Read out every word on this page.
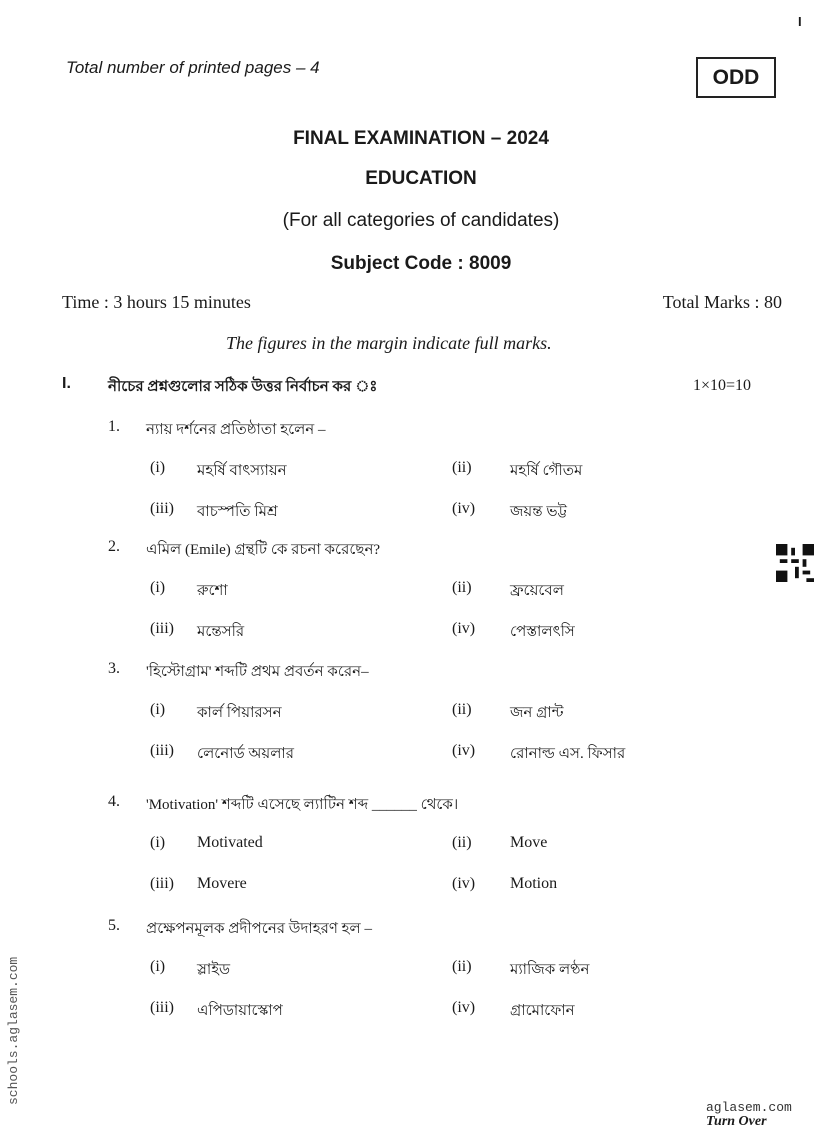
I
Total number of printed pages – 4	ODD
FINAL EXAMINATION – 2024
EDUCATION
(For all categories of candidates)
Subject Code : 8009
Time : 3 hours 15 minutes	Total Marks : 80
The figures in the margin indicate full marks.
I. নীচের প্রশ্নগুলোর সঠিক উত্তর নির্বাচন কর ঃ	1×10=10
1. ন্যায় দর্শনের প্রতিষ্ঠাতা হলেন –
(i) মহর্ষি বাৎস্যায়ন	(ii)	মহর্ষি গৌতম
(iii) বাচস্পতি মিশ্র	(iv) জয়ন্ত ভট্ট
2. এমিল (Emile) গ্রন্থটি কে রচনা করেছেন?
(i) রুশো	(ii)	ফ্রয়েবেল
(iii) মন্তেসরি	(iv) পেস্তালৎসি
3. 'হিস্টোগ্রাম' শব্দটি প্রথম প্রবর্তন করেন–
(i) কার্ল পিয়ারসন	(ii)	জন গ্রান্ট
(iii) লেনোর্ড অয়লার	(iv) রোনাল্ড এস. ফিসার
4. 'Motivation' শব্দটি এসেছে ল্যাটিন শব্দ ______ থেকে।
(i) Motivated	(ii) Move
(iii) Movere	(iv) Motion
5. প্রক্ষেপনমূলক প্রদীপনের উদাহরণ হল –
(i) স্লাইড	(ii)	ম্যাজিক লণ্ঠন
(iii) এপিডায়াস্কোপ	(iv) গ্রামোফোন
schools.aglasem.com
aglasem.com
Turn Over
